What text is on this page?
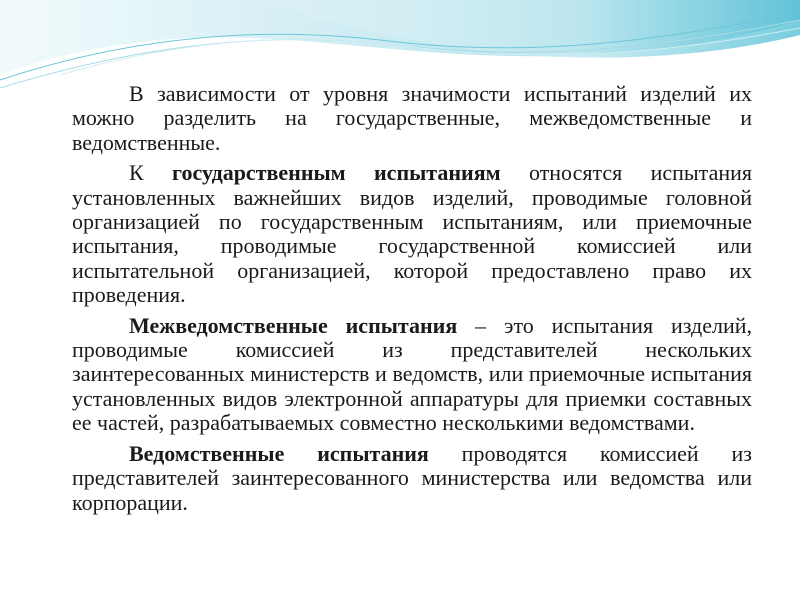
В зависимости от уровня значимости испытаний изделий их можно разделить на государственные, межведомственные и ведомственные.

К государственным испытаниям относятся испытания установленных важнейших видов изделий, проводимые головной организацией по государственным испытаниям, или приемочные испытания, проводимые государственной комиссией или испытательной организацией, которой предоставлено право их проведения.

Межведомственные испытания – это испытания изделий, проводимые комиссией из представителей нескольких заинтересованных министерств и ведомств, или приемочные испытания установленных видов электронной аппаратуры для приемки составных ее частей, разрабатываемых совместно несколькими ведомствами.

Ведомственные испытания проводятся комиссией из представителей заинтересованного министерства или ведомства или корпорации.
